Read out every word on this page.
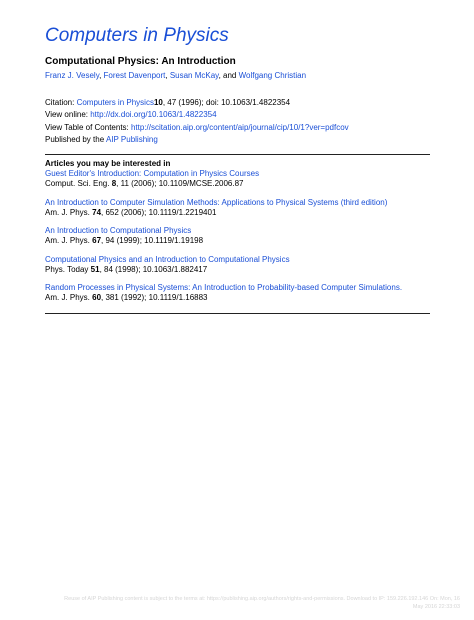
Computers in Physics
Computational Physics: An Introduction
Franz J. Vesely, Forest Davenport, Susan McKay, and Wolfgang Christian
Citation: Computers in Physics10, 47 (1996); doi: 10.1063/1.4822354
View online: http://dx.doi.org/10.1063/1.4822354
View Table of Contents: http://scitation.aip.org/content/aip/journal/cip/10/1?ver=pdfcov
Published by the AIP Publishing
Articles you may be interested in
Guest Editor's Introduction: Computation in Physics Courses
Comput. Sci. Eng. 8, 11 (2006); 10.1109/MCSE.2006.87
An Introduction to Computer Simulation Methods: Applications to Physical Systems (third edition)
Am. J. Phys. 74, 652 (2006); 10.1119/1.2219401
An Introduction to Computational Physics
Am. J. Phys. 67, 94 (1999); 10.1119/1.19198
Computational Physics and an Introduction to Computational Physics
Phys. Today 51, 84 (1998); 10.1063/1.882417
Random Processes in Physical Systems: An Introduction to Probability-based Computer Simulations.
Am. J. Phys. 60, 381 (1992); 10.1119/1.16883
Reuse of AIP Publishing content is subject to the terms at: https://publishing.aip.org/authors/rights-and-permissions. Download to IP: 159.226.192.146 On: Mon, 16
May 2016 22:33:03
